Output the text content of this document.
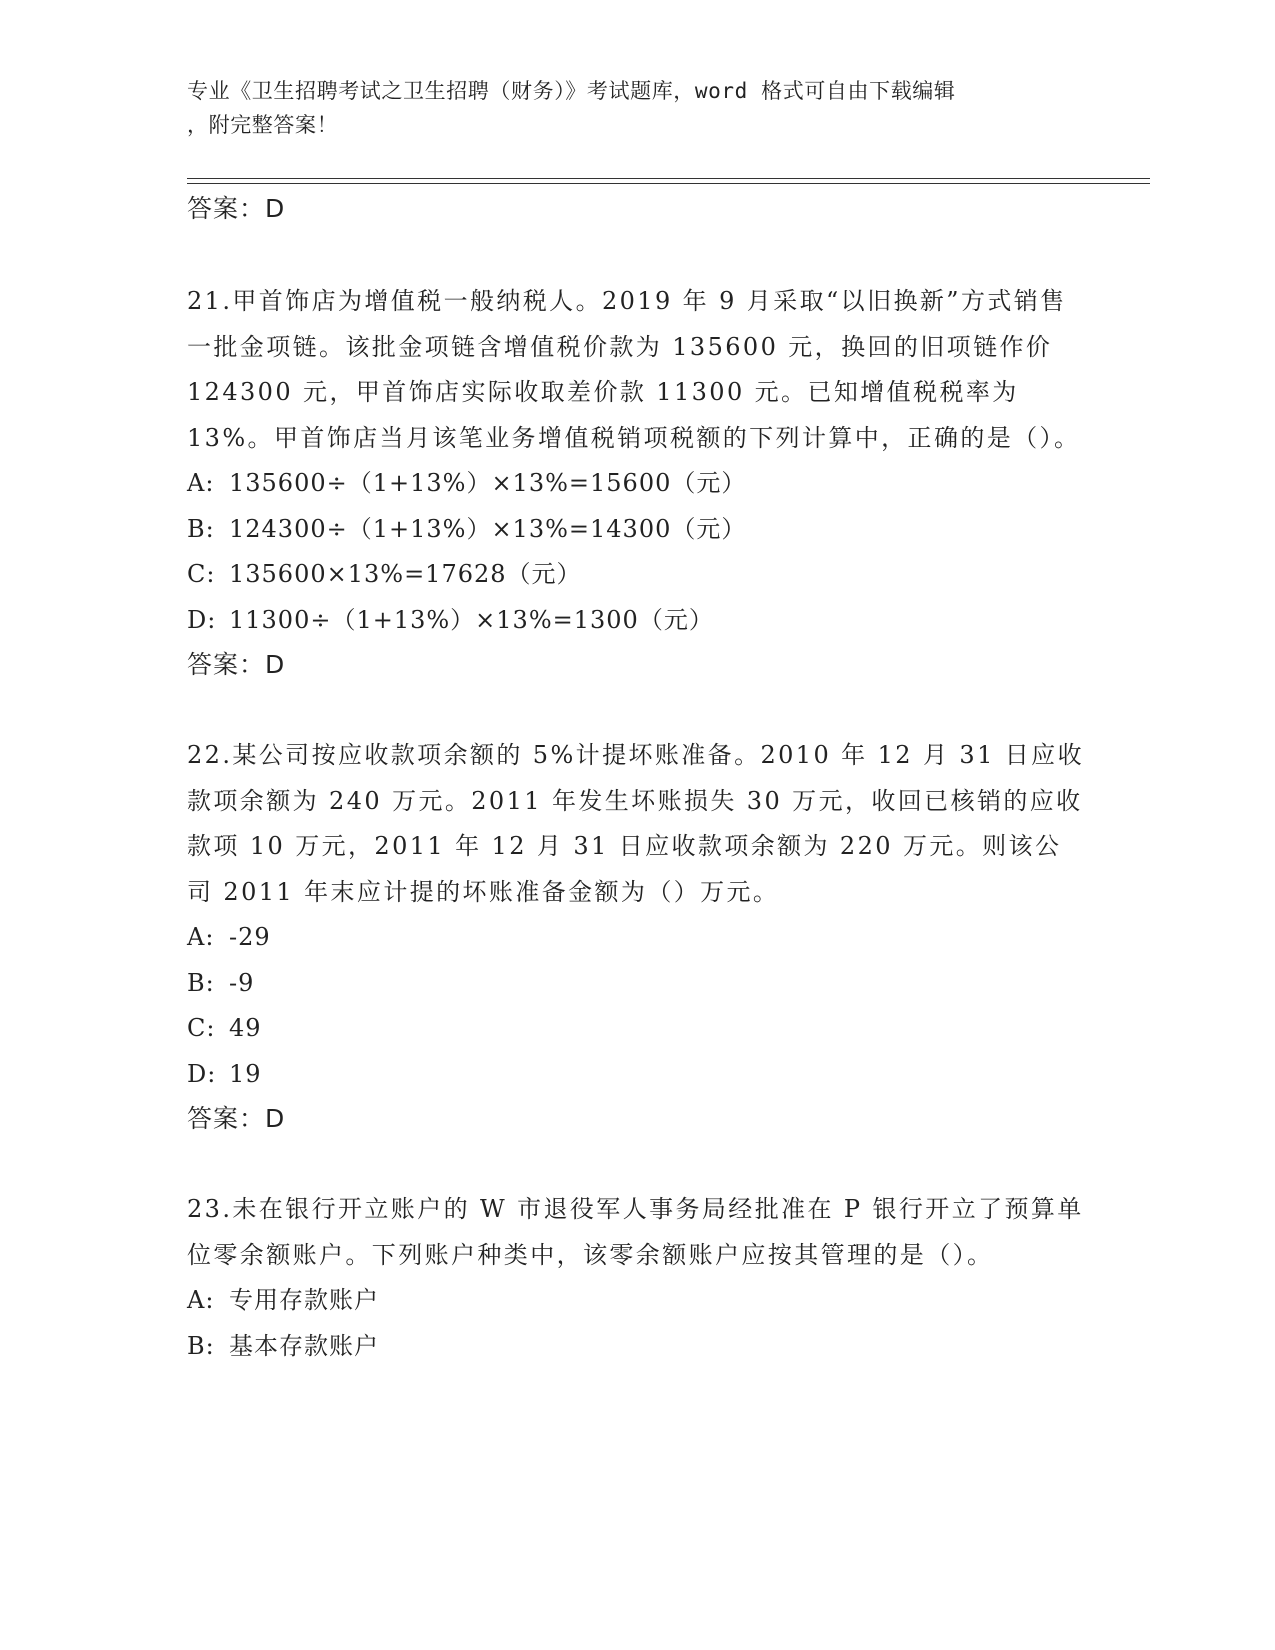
专业《卫生招聘考试之卫生招聘（财务）》考试题库，word 格式可自由下载编辑
，附完整答案！

答案：D

21.甲首饰店为增值税一般纳税人。2019 年 9 月采取“以旧换新”方式销售一批金项链。该批金项链含增值税价款为 135600 元，换回的旧项链作价 124300 元，甲首饰店实际收取差价款 11300 元。已知增值税税率为 13%。甲首饰店当月该笔业务增值税销项税额的下列计算中，正确的是（）。

A: 135600÷（1+13%）×13%=15600（元）

B: 124300÷（1+13%）×13%=14300（元）

C: 135600×13%=17628（元）

D: 11300÷（1+13%）×13%=1300（元）

答案：D

22.某公司按应收款项余额的 5%计提坏账准备。2010 年 12 月 31 日应收款项余额为 240 万元。2011 年发生坏账损失 30 万元，收回已核销的应收款项 10 万元，2011 年 12 月 31 日应收款项余额为 220 万元。则该公司 2011 年末应计提的坏账准备金额为（）万元。

A: -29

B: -9

C: 49

D: 19

答案：D

23.未在银行开立账户的 W 市退役军人事务局经批准在 P 银行开立了预算单位零余额账户。下列账户种类中，该零余额账户应按其管理的是（）。

A: 专用存款账户

B: 基本存款账户
